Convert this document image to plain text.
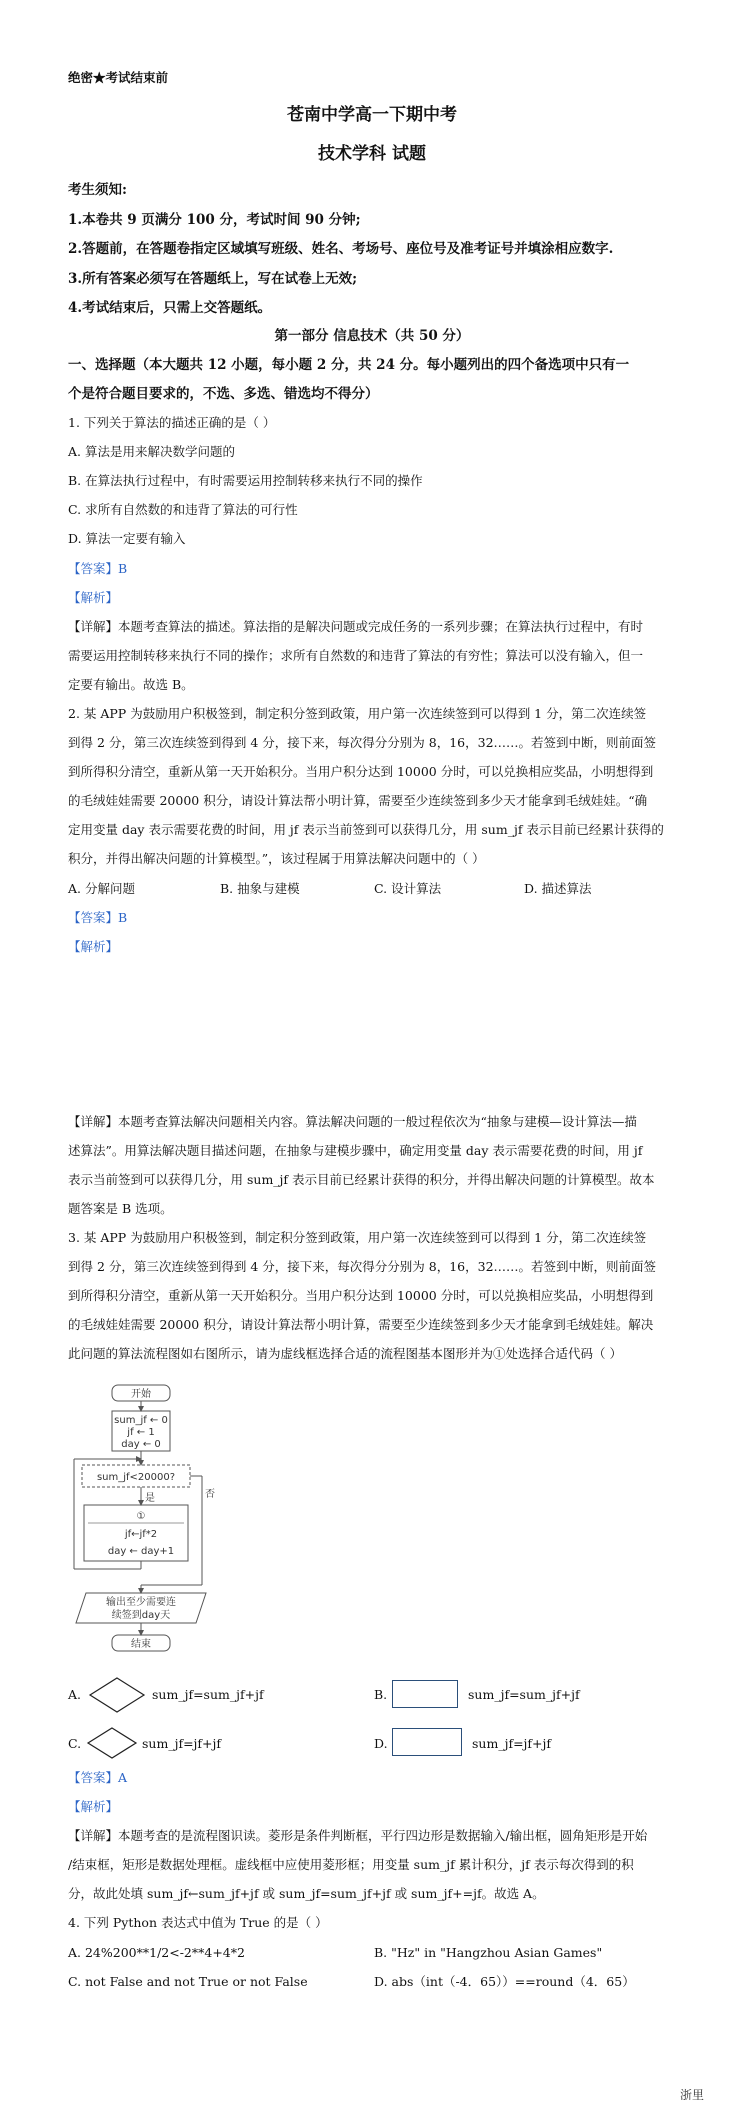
绝密★考试结束前
苍南中学高一下期中考
技术学科 试题
考生须知:
1.本卷共 9 页满分 100 分，考试时间 90 分钟;
2.答题前，在答题卷指定区域填写班级、姓名、考场号、座位号及准考证号并填涂相应数字.
3.所有答案必须写在答题纸上，写在试卷上无效;
4.考试结束后，只需上交答题纸。
第一部分 信息技术（共 50 分）
一、选择题（本大题共 12 小题，每小题 2 分，共 24 分。每小题列出的四个备选项中只有一
个是符合题目要求的，不选、多选、错选均不得分）
1. 下列关于算法的描述正确的是（ ）
A. 算法是用来解决数学问题的
B. 在算法执行过程中，有时需要运用控制转移来执行不同的操作
C. 求所有自然数的和违背了算法的可行性
D. 算法一定要有输入
【答案】B
【解析】
【详解】本题考查算法的描述。算法指的是解决问题或完成任务的一系列步骤；在算法执行过程中，有时
需要运用控制转移来执行不同的操作；求所有自然数的和违背了算法的有穷性；算法可以没有输入，但一
定要有输出。故选 B。
2. 某 APP 为鼓励用户积极签到，制定积分签到政策，用户第一次连续签到可以得到 1 分，第二次连续签
到得 2 分，第三次连续签到得到 4 分，接下来，每次得分分别为 8，16，32……。若签到中断，则前面签
到所得积分清空，重新从第一天开始积分。当用户积分达到 10000 分时，可以兑换相应奖品，小明想得到
的毛绒娃娃需要 20000 积分，请设计算法帮小明计算，需要至少连续签到多少天才能拿到毛绒娃娃。“确
定用变量 day 表示需要花费的时间，用 jf 表示当前签到可以获得几分，用 sum_jf 表示目前已经累计获得的
积分，并得出解决问题的计算模型。”，该过程属于用算法解决问题中的（ ）
A. 分解问题	B. 抽象与建模	C. 设计算法	D. 描述算法
【答案】B
【解析】
【详解】本题考查算法解决问题相关内容。算法解决问题的一般过程依次为“抽象与建模—设计算法—描
述算法”。用算法解决题目描述问题，在抽象与建模步骤中，确定用变量 day 表示需要花费的时间，用 jf
表示当前签到可以获得几分，用 sum_jf 表示目前已经累计获得的积分，并得出解决问题的计算模型。故本
题答案是 B 选项。
3. 某 APP 为鼓励用户积极签到，制定积分签到政策，用户第一次连续签到可以得到 1 分，第二次连续签
到得 2 分，第三次连续签到得到 4 分，接下来，每次得分分别为 8，16，32……。若签到中断，则前面签
到所得积分清空，重新从第一天开始积分。当用户积分达到 10000 分时，可以兑换相应奖品，小明想得到
的毛绒娃娃需要 20000 积分，请设计算法帮小明计算，需要至少连续签到多少天才能拿到毛绒娃娃。解决
此问题的算法流程图如右图所示，请为虚线框选择合适的流程图基本图形并为①处选择合适代码（ ）
开始
sum_jf ← 0
jf ← 1
day ← 0
sum_jf<20000?
是	否
①
jf←jf*2
day ← day+1
输出至少需要连
续签到day天
结束
A.	sum_jf=sum_jf+jf	B.	sum_jf=sum_jf+jf
C.	sum_jf=jf+jf	D.	sum_jf=jf+jf
【答案】A
【解析】
【详解】本题考查的是流程图识读。菱形是条件判断框，平行四边形是数据输入/输出框，圆角矩形是开始
/结束框，矩形是数据处理框。虚线框中应使用菱形框；用变量 sum_jf 累计积分，jf 表示每次得到的积
分，故此处填 sum_jf←sum_jf+jf 或 sum_jf=sum_jf+jf 或 sum_jf+=jf。故选 A。
4. 下列 Python 表达式中值为 True 的是（ ）
A. 24%200**1/2<-2**4+4*2	B. "Hz" in "Hangzhou Asian Games"
C. not False and not True or not False	D. abs（int（-4．65））==round（4．65）
浙里
